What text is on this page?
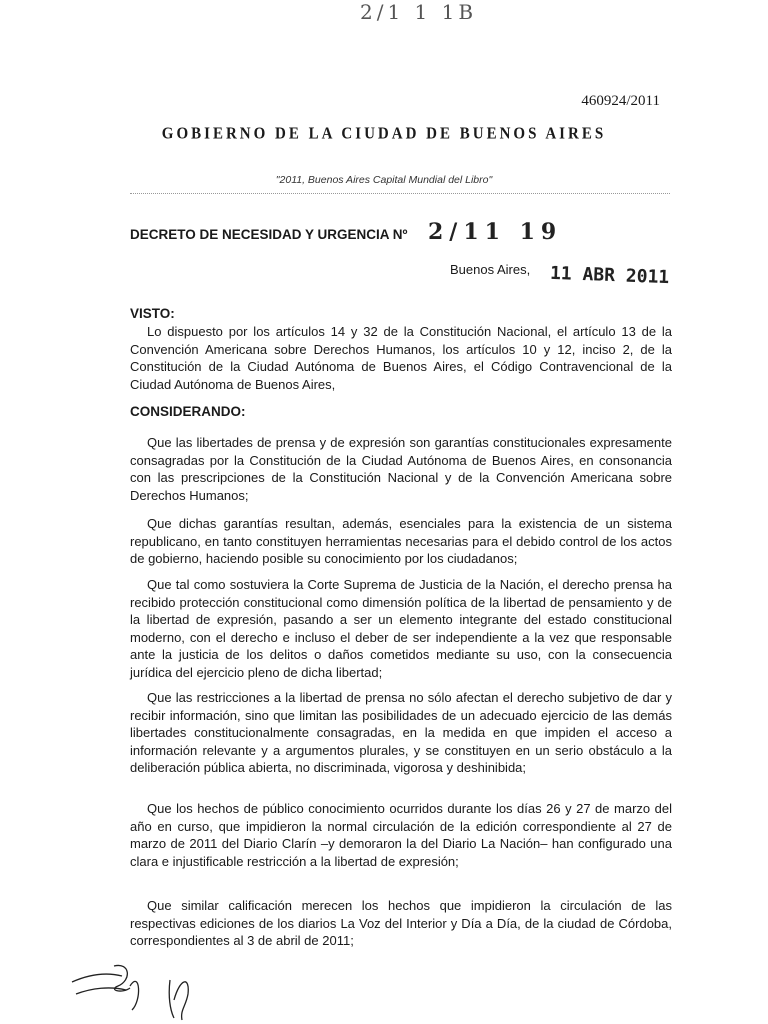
2/1 1 1B
460924/2011
GOBIERNO DE LA CIUDAD DE BUENOS AIRES
"2011, Buenos Aires Capital Mundial del Libro"
DECRETO DE NECESIDAD Y URGENCIA Nº 2/11 19
Buenos Aires, 11 ABR 2011
VISTO:
Lo dispuesto por los artículos 14 y 32 de la Constitución Nacional, el artículo 13 de la Convención Americana sobre Derechos Humanos, los artículos 10 y 12, inciso 2, de la Constitución de la Ciudad Autónoma de Buenos Aires, el Código Contravencional de la Ciudad Autónoma de Buenos Aires,
CONSIDERANDO:
Que las libertades de prensa y de expresión son garantías constitucionales expresamente consagradas por la Constitución de la Ciudad Autónoma de Buenos Aires, en consonancia con las prescripciones de la Constitución Nacional y de la Convención Americana sobre Derechos Humanos;
Que dichas garantías resultan, además, esenciales para la existencia de un sistema republicano, en tanto constituyen herramientas necesarias para el debido control de los actos de gobierno, haciendo posible su conocimiento por los ciudadanos;
Que tal como sostuviera la Corte Suprema de Justicia de la Nación, el derecho prensa ha recibido protección constitucional como dimensión política de la libertad de pensamiento y de la libertad de expresión, pasando a ser un elemento integrante del estado constitucional moderno, con el derecho e incluso el deber de ser independiente a la vez que responsable ante la justicia de los delitos o daños cometidos mediante su uso, con la consecuencia jurídica del ejercicio pleno de dicha libertad;
Que las restricciones a la libertad de prensa no sólo afectan el derecho subjetivo de dar y recibir información, sino que limitan las posibilidades de un adecuado ejercicio de las demás libertades constitucionalmente consagradas, en la medida en que impiden el acceso a información relevante y a argumentos plurales, y se constituyen en un serio obstáculo a la deliberación pública abierta, no discriminada, vigorosa y deshinibida;
Que los hechos de público conocimiento ocurridos durante los días 26 y 27 de marzo del año en curso, que impidieron la normal circulación de la edición correspondiente al 27 de marzo de 2011 del Diario Clarín –y demoraron la del Diario La Nación– han configurado una clara e injustificable restricción a la libertad de expresión;
Que similar calificación merecen los hechos que impidieron la circulación de las respectivas ediciones de los diarios La Voz del Interior y Día a Día, de la ciudad de Córdoba, correspondientes al 3 de abril de 2011;
